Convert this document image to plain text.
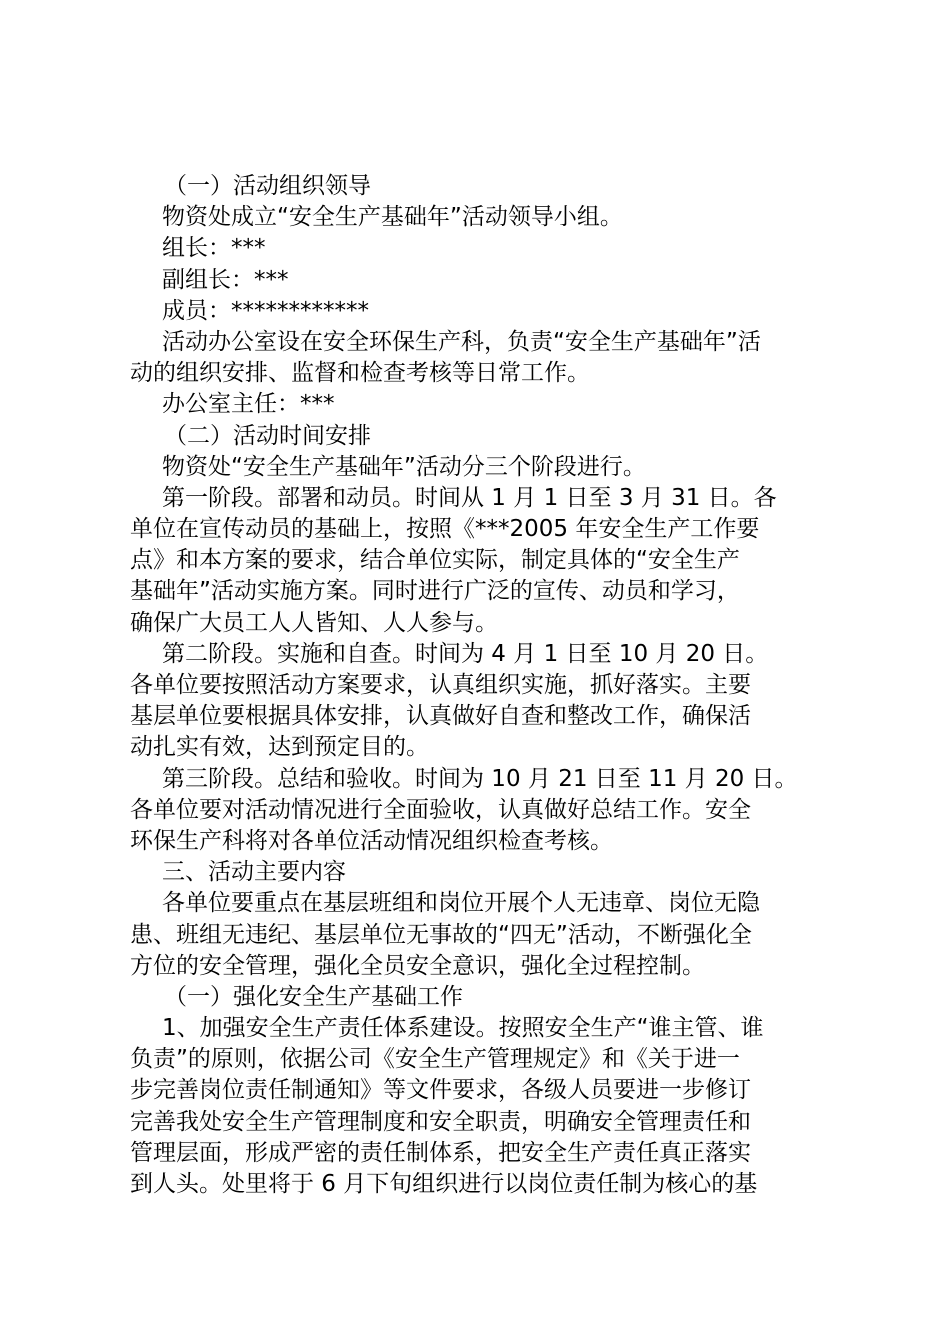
（一）活动组织领导
物资处成立“安全生产基础年”活动领导小组。
组长：***
副组长：***
成员：************
活动办公室设在安全环保生产科，负责“安全生产基础年”活
动的组织安排、监督和检查考核等日常工作。
办公室主任：***
（二）活动时间安排
物资处“安全生产基础年”活动分三个阶段进行。
第一阶段。部署和动员。时间从 1 月 1 日至 3 月 31 日。各
单位在宣传动员的基础上，按照《***2005 年安全生产工作要
点》和本方案的要求，结合单位实际，制定具体的“安全生产
基础年”活动实施方案。同时进行广泛的宣传、动员和学习，
确保广大员工人人皆知、人人参与。
第二阶段。实施和自查。时间为 4 月 1 日至 10 月 20 日。
各单位要按照活动方案要求，认真组织实施，抓好落实。主要
基层单位要根据具体安排，认真做好自查和整改工作，确保活
动扎实有效，达到预定目的。
第三阶段。总结和验收。时间为 10 月 21 日至 11 月 20 日。
各单位要对活动情况进行全面验收，认真做好总结工作。安全
环保生产科将对各单位活动情况组织检查考核。
三、活动主要内容
各单位要重点在基层班组和岗位开展个人无违章、岗位无隐
患、班组无违纪、基层单位无事故的“四无”活动，不断强化全
方位的安全管理，强化全员安全意识，强化全过程控制。
（一）强化安全生产基础工作
1、加强安全生产责任体系建设。按照安全生产“谁主管、谁
负责”的原则，依据公司《安全生产管理规定》和《关于进一
步完善岗位责任制通知》等文件要求，各级人员要进一步修订
完善我处安全生产管理制度和安全职责，明确安全管理责任和
管理层面，形成严密的责任制体系，把安全生产责任真正落实
到人头。处里将于 6 月下旬组织进行以岗位责任制为核心的基
